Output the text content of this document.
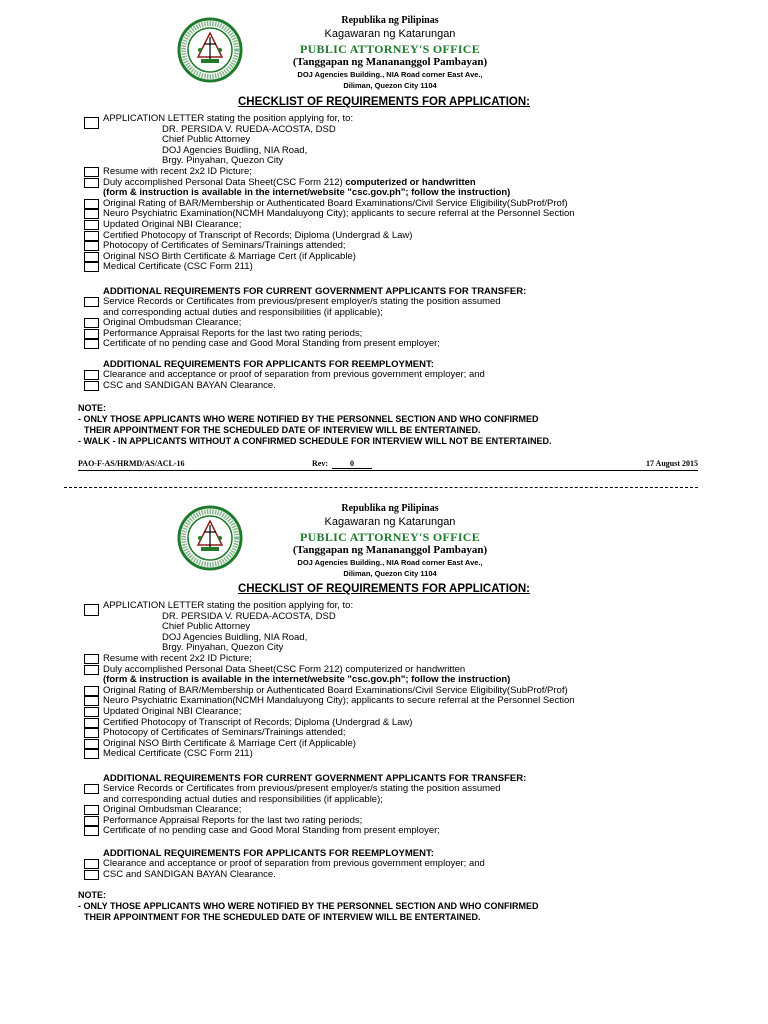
Republika ng Pilipinas
Kagawaran ng Katarungan
PUBLIC ATTORNEY'S OFFICE
(Tanggapan ng Manananggol Pambayan)
DOJ Agencies Building., NIA Road corner East Ave.,
Diliman, Quezon City 1104
CHECKLIST OF REQUIREMENTS FOR APPLICATION:
APPLICATION LETTER stating the position applying for, to:
DR. PERSIDA V. RUEDA-ACOSTA, DSD
Chief Public Attorney
DOJ Agencies Buidling, NIA Road,
Brgy. Pinyahan, Quezon City
Resume with recent 2x2 ID Picture;
Duly accomplished Personal Data Sheet(CSC Form 212) computerized or handwritten
(form & instruction is available in the internet/website "csc.gov.ph"; follow the instruction)
Original Rating of BAR/Membership or Authenticated Board Examinations/Civil Service Eligibility(SubProf/Prof)
Neuro Psychiatric Examination(NCMH Mandaluyong City); applicants to secure referral at the Personnel Section
Updated Original NBI Clearance;
Certified Photocopy of Transcript of Records; Diploma (Undergrad & Law)
Photocopy of Certificates of Seminars/Trainings attended;
Original NSO Birth Certificate & Marriage Cert (if Applicable)
Medical Certificate (CSC Form 211)
ADDITIONAL REQUIREMENTS FOR CURRENT GOVERNMENT APPLICANTS FOR TRANSFER:
Service Records or Certificates from previous/present employer/s stating the position assumed
and corresponding actual duties and responsibilities (if applicable);
Original Ombudsman Clearance;
Performance Appraisal Reports for the last two rating periods;
Certificate of no pending case and Good Moral Standing from present employer;
ADDITIONAL REQUIREMENTS FOR APPLICANTS FOR REEMPLOYMENT:
Clearance and acceptance or proof of separation from previous government employer; and
CSC and SANDIGAN BAYAN Clearance.
NOTE:
- ONLY THOSE APPLICANTS WHO WERE NOTIFIED BY THE PERSONNEL SECTION AND WHO CONFIRMED
THEIR APPOINTMENT FOR THE SCHEDULED DATE OF INTERVIEW WILL BE ENTERTAINED.
- WALK - IN APPLICANTS WITHOUT A CONFIRMED SCHEDULE FOR INTERVIEW WILL NOT BE ENTERTAINED.
PAO-F-AS/HRMD/AS/ACL-16	Rev:	0	17 August 2015
Republika ng Pilipinas
Kagawaran ng Katarungan
PUBLIC ATTORNEY'S OFFICE
(Tanggapan ng Manananggol Pambayan)
DOJ Agencies Building., NIA Road corner East Ave.,
Diliman, Quezon City 1104
CHECKLIST OF REQUIREMENTS FOR APPLICATION:
APPLICATION LETTER stating the position applying for, to:
DR. PERSIDA V. RUEDA-ACOSTA, DSD
Chief Public Attorney
DOJ Agencies Buidling, NIA Road,
Brgy. Pinyahan, Quezon City
Resume with recent 2x2 ID Picture;
Duly accomplished Personal Data Sheet(CSC Form 212) computerized or handwritten
(form & instruction is available in the internet/website "csc.gov.ph"; follow the instruction)
Original Rating of BAR/Membership or Authenticated Board Examinations/Civil Service Eligibility(SubProf/Prof)
Neuro Psychiatric Examination(NCMH Mandaluyong City); applicants to secure referral at the Personnel Section
Updated Original NBI Clearance;
Certified Photocopy of Transcript of Records; Diploma (Undergrad & Law)
Photocopy of Certificates of Seminars/Trainings attended;
Original NSO Birth Certificate & Marriage Cert (if Applicable)
Medical Certificate (CSC Form 211)
ADDITIONAL REQUIREMENTS FOR CURRENT GOVERNMENT APPLICANTS FOR TRANSFER:
Service Records or Certificates from previous/present employer/s stating the position assumed
and corresponding actual duties and responsibilities (if applicable);
Original Ombudsman Clearance;
Performance Appraisal Reports for the last two rating periods;
Certificate of no pending case and Good Moral Standing from present employer;
ADDITIONAL REQUIREMENTS FOR APPLICANTS FOR REEMPLOYMENT:
Clearance and acceptance or proof of separation from previous government employer; and
CSC and SANDIGAN BAYAN Clearance.
NOTE:
- ONLY THOSE APPLICANTS WHO WERE NOTIFIED BY THE PERSONNEL SECTION AND WHO CONFIRMED
THEIR APPOINTMENT FOR THE SCHEDULED DATE OF INTERVIEW WILL BE ENTERTAINED.
